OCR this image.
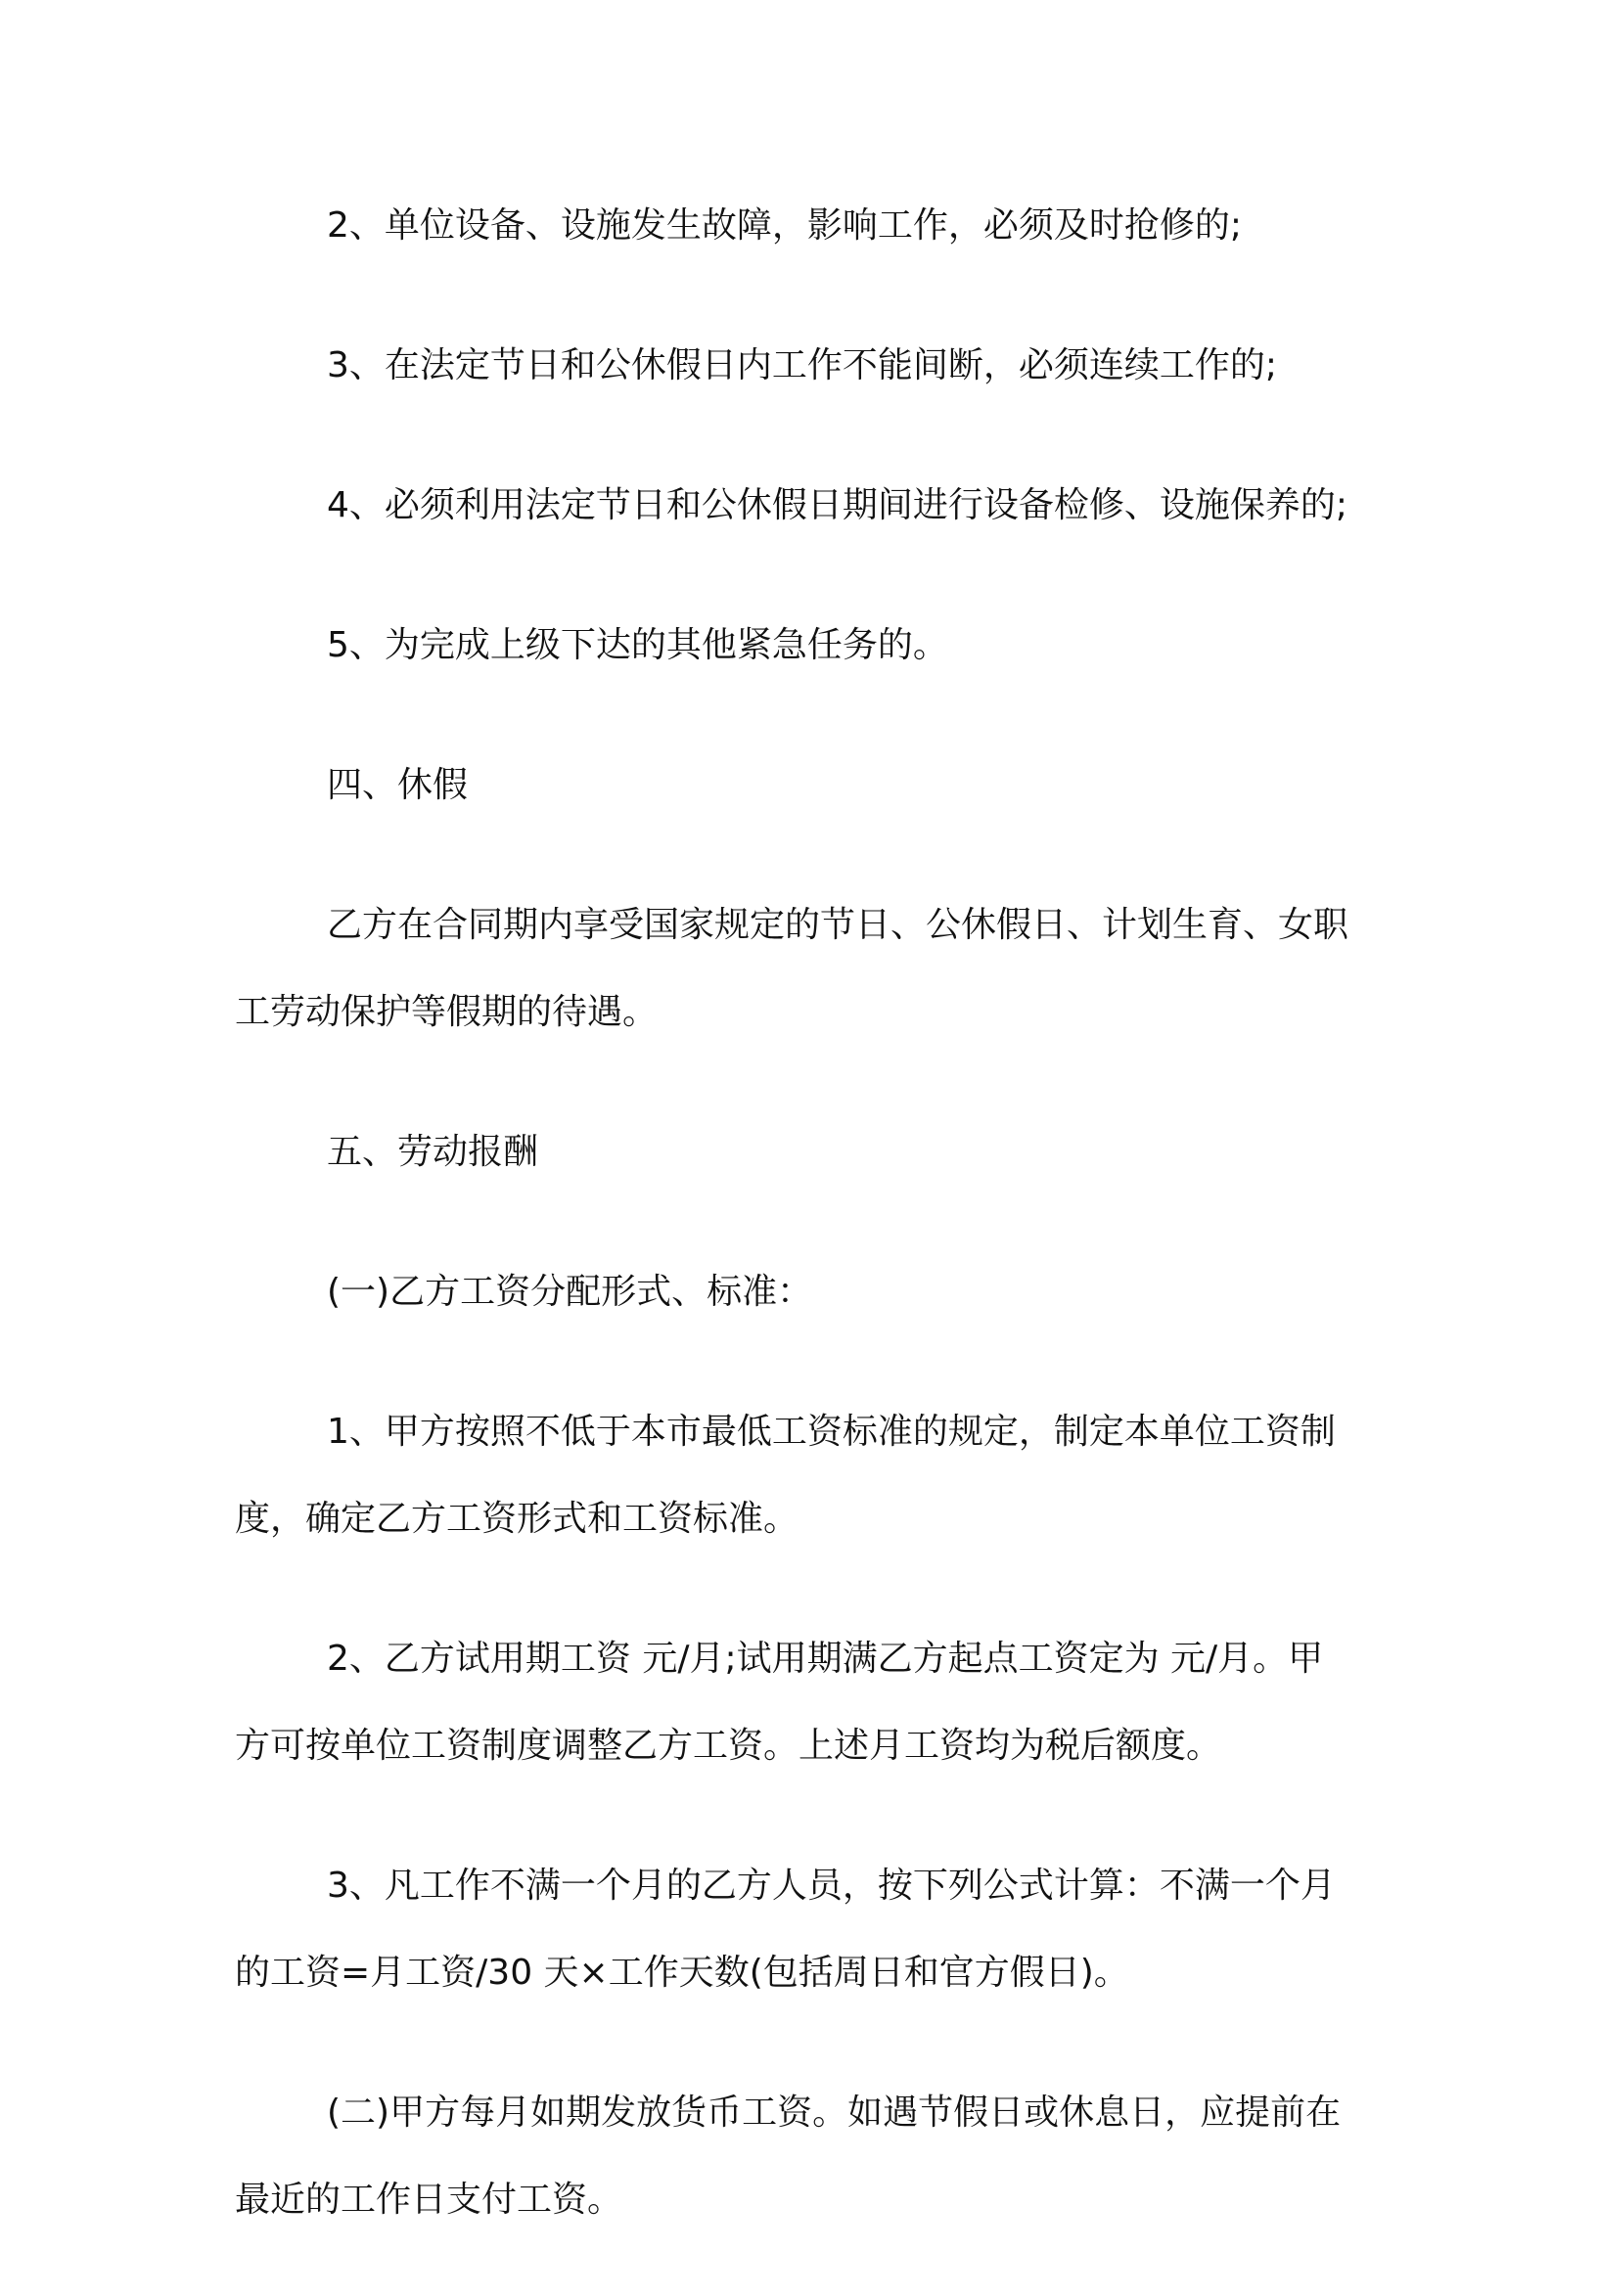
2、单位设备、设施发生故障，影响工作，必须及时抢修的;

3、在法定节日和公休假日内工作不能间断，必须连续工作的;

4、必须利用法定节日和公休假日期间进行设备检修、设施保养的;

5、为完成上级下达的其他紧急任务的。

四、休假

乙方在合同期内享受国家规定的节日、公休假日、计划生育、女职工劳动保护等假期的待遇。

五、劳动报酬

(一)乙方工资分配形式、标准：

1、甲方按照不低于本市最低工资标准的规定，制定本单位工资制度，确定乙方工资形式和工资标准。

2、乙方试用期工资 元/月;试用期满乙方起点工资定为 元/月。甲方可按单位工资制度调整乙方工资。上述月工资均为税后额度。

3、凡工作不满一个月的乙方人员，按下列公式计算：不满一个月的工资=月工资/30 天×工作天数(包括周日和官方假日)。

(二)甲方每月如期发放货币工资。如遇节假日或休息日，应提前在最近的工作日支付工资。
